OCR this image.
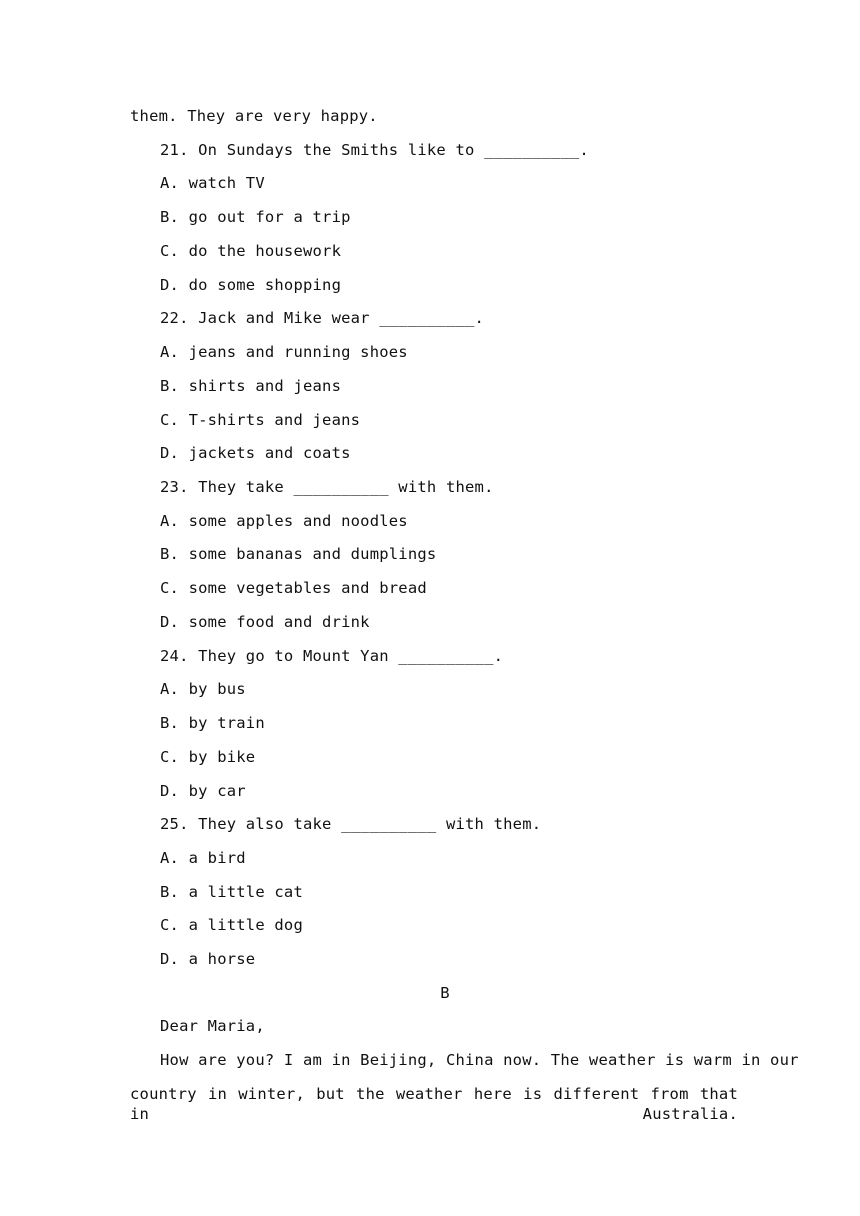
them. They are very happy.
21. On Sundays the Smiths like to __________.
A. watch TV
B. go out for a trip
C. do the housework
D. do some shopping
22. Jack and Mike wear __________.
A. jeans and running shoes
B. shirts and jeans
C. T-shirts and jeans
D. jackets and coats
23. They take __________ with them.
A. some apples and noodles
B. some bananas and dumplings
C. some vegetables and bread
D. some food and drink
24. They go to Mount Yan __________.
A. by bus
B. by train
C. by bike
D. by car
25. They also take __________ with them.
A. a bird
B. a little cat
C. a little dog
D. a horse
B
Dear Maria,
How are you? I am in Beijing, China now. The weather is warm in our
country in winter, but the weather here is different from that in Australia.
